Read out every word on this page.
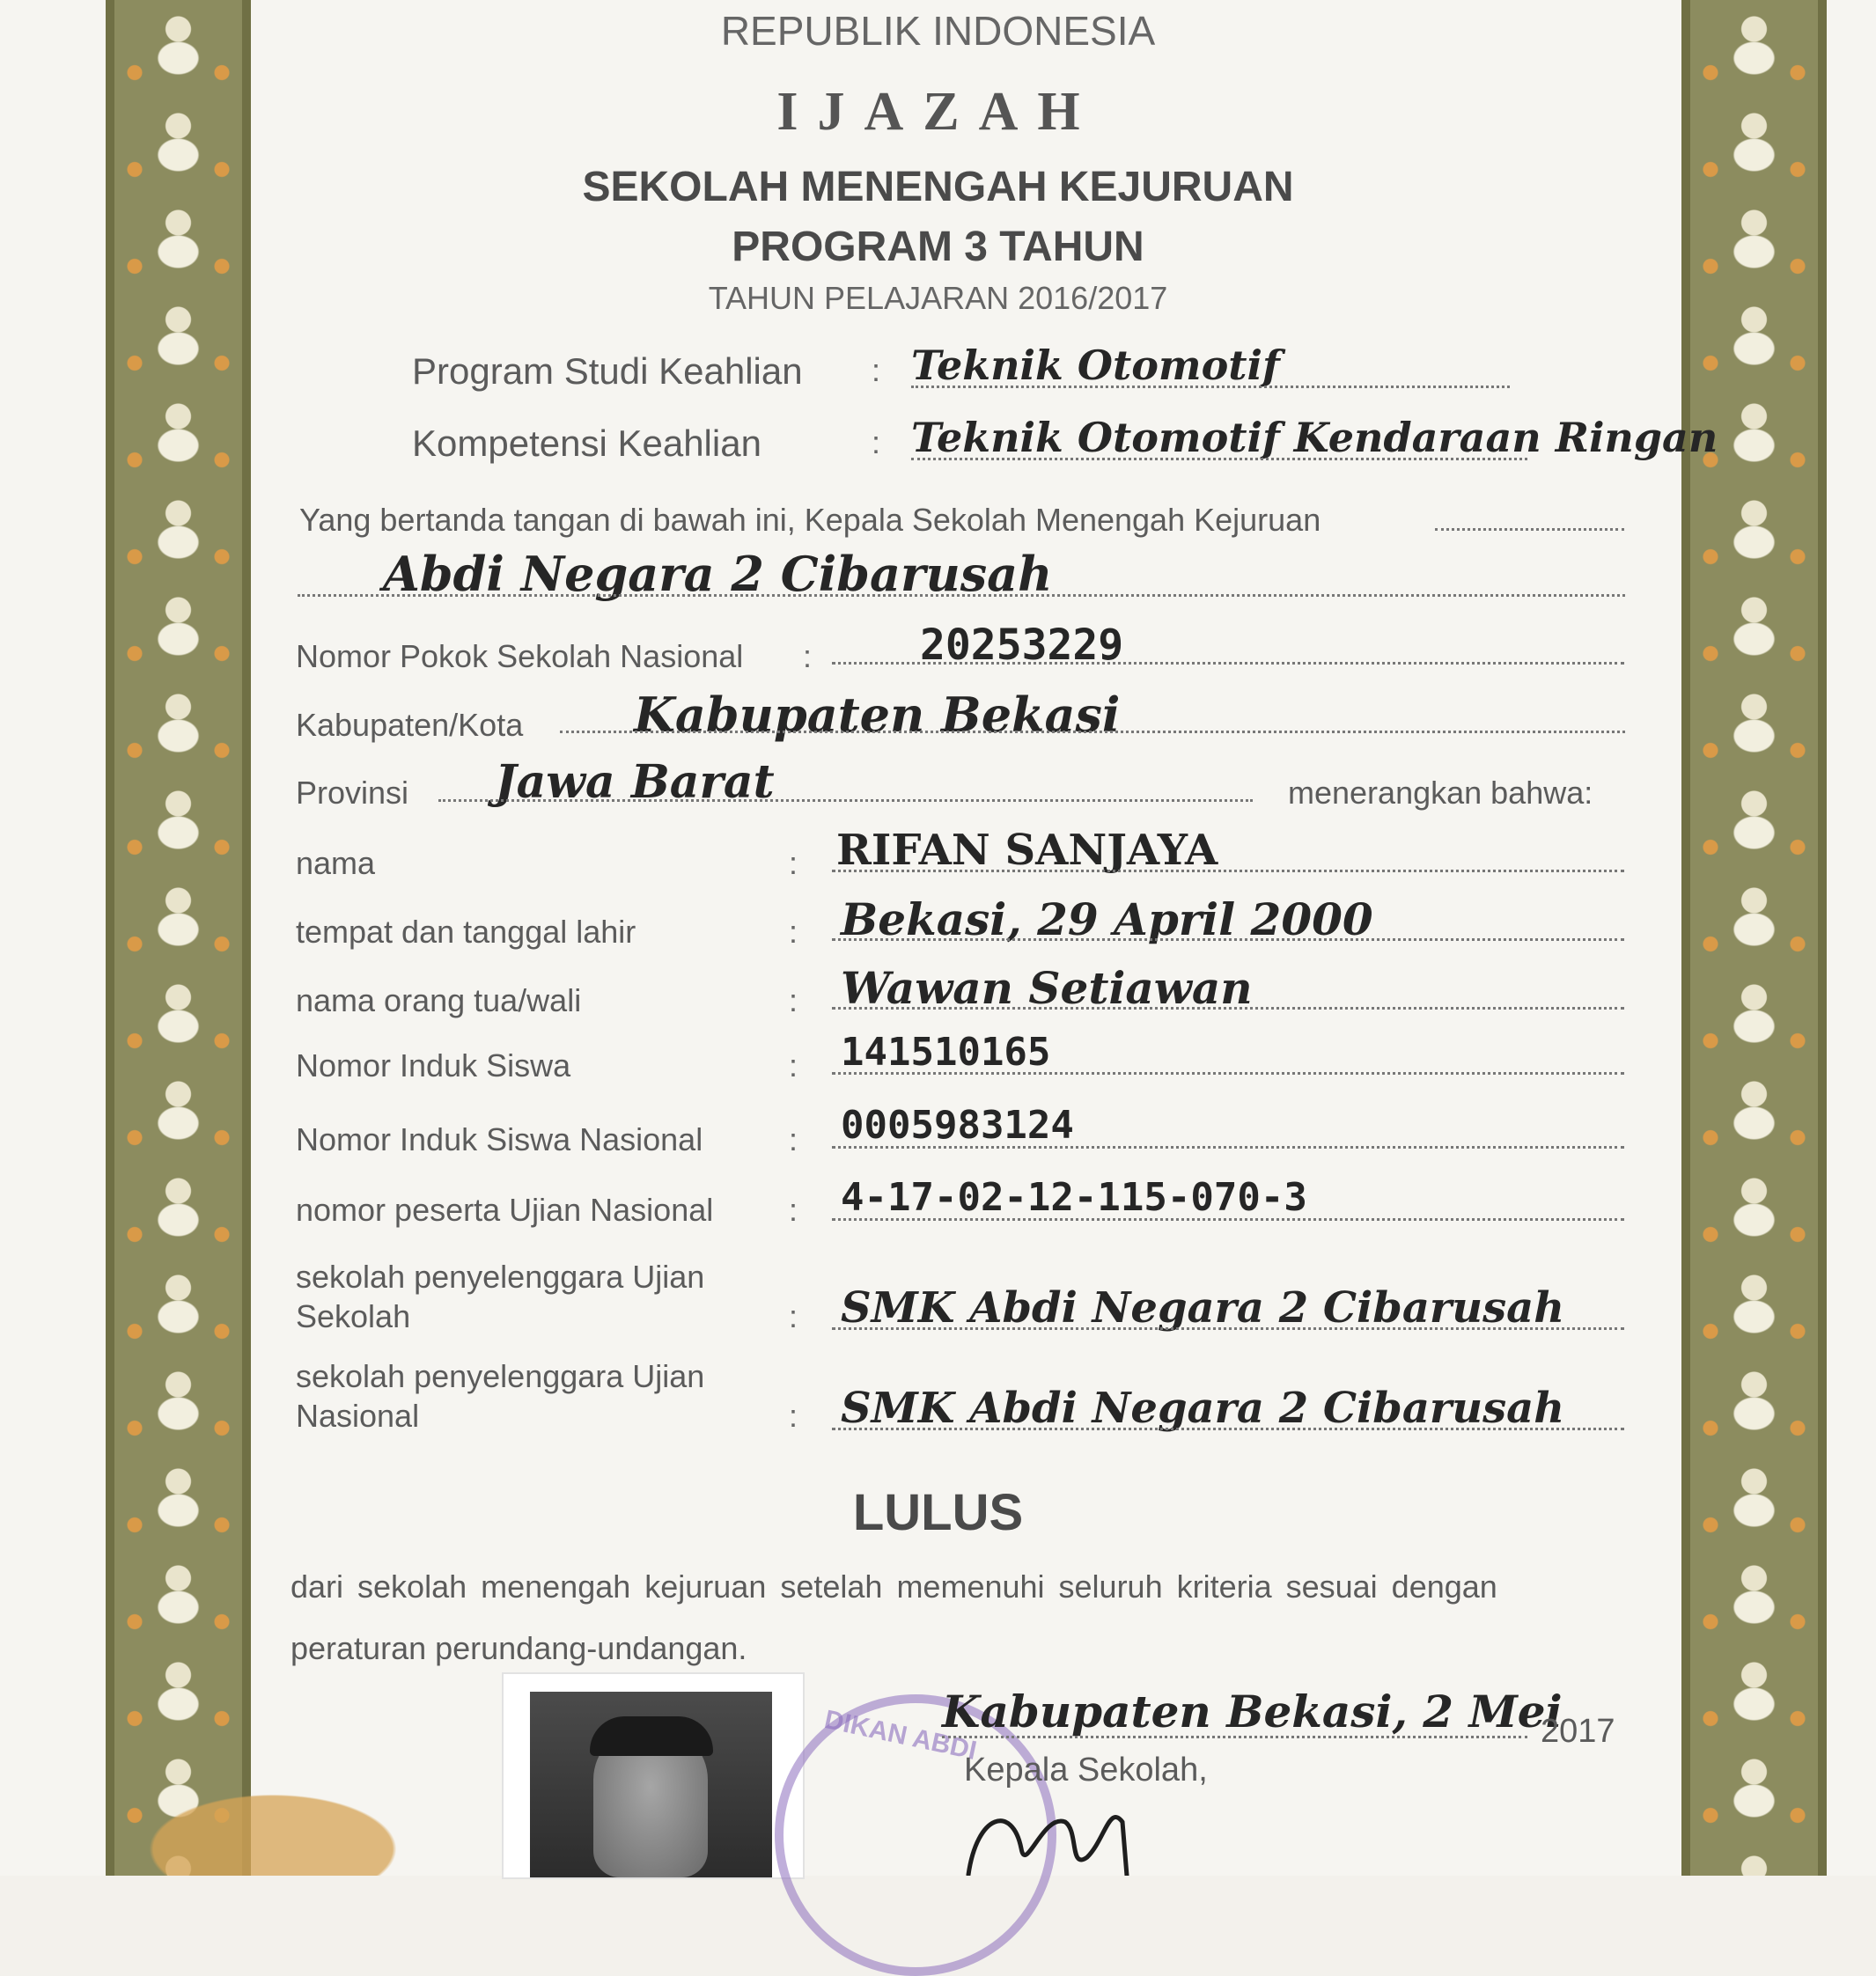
REPUBLIK INDONESIA
IJAZAH
SEKOLAH MENENGAH KEJURUAN
PROGRAM 3 TAHUN
TAHUN PELAJARAN 2016/2017
Program Studi Keahlian : Teknik Otomotif
Kompetensi Keahlian	: Teknik Otomotif Kendaraan Ringan
Yang bertanda tangan di bawah ini, Kepala Sekolah Menengah Kejuruan
Abdi Negara 2 Cibarusah
Nomor Pokok Sekolah Nasional :	20253229
Kabupaten/Kota Kabupaten Bekasi
Provinsi Jawa Barat	menerangkan bahwa:
nama	: RIFAN SANJAYA
tempat dan tanggal lahir	: Bekasi, 29 April 2000
nama orang tua/wali	: Wawan Setiawan
Nomor Induk Siswa	: 141510165
Nomor Induk Siswa Nasional	: 0005983124
nomor peserta Ujian Nasional : 4-17-02-12-115-070-3
sekolah penyelenggara Ujian
Sekolah	: SMK Abdi Negara 2 Cibarusah
sekolah penyelenggara Ujian
Nasional	: SMK Abdi Negara 2 Cibarusah
LULUS
dari sekolah menengah kejuruan setelah memenuhi seluruh kriteria sesuai dengan
peraturan perundang-undangan.
DIKAN ABDI
Kabupaten Bekasi, 2 Mei
2017
Kepala Sekolah,
